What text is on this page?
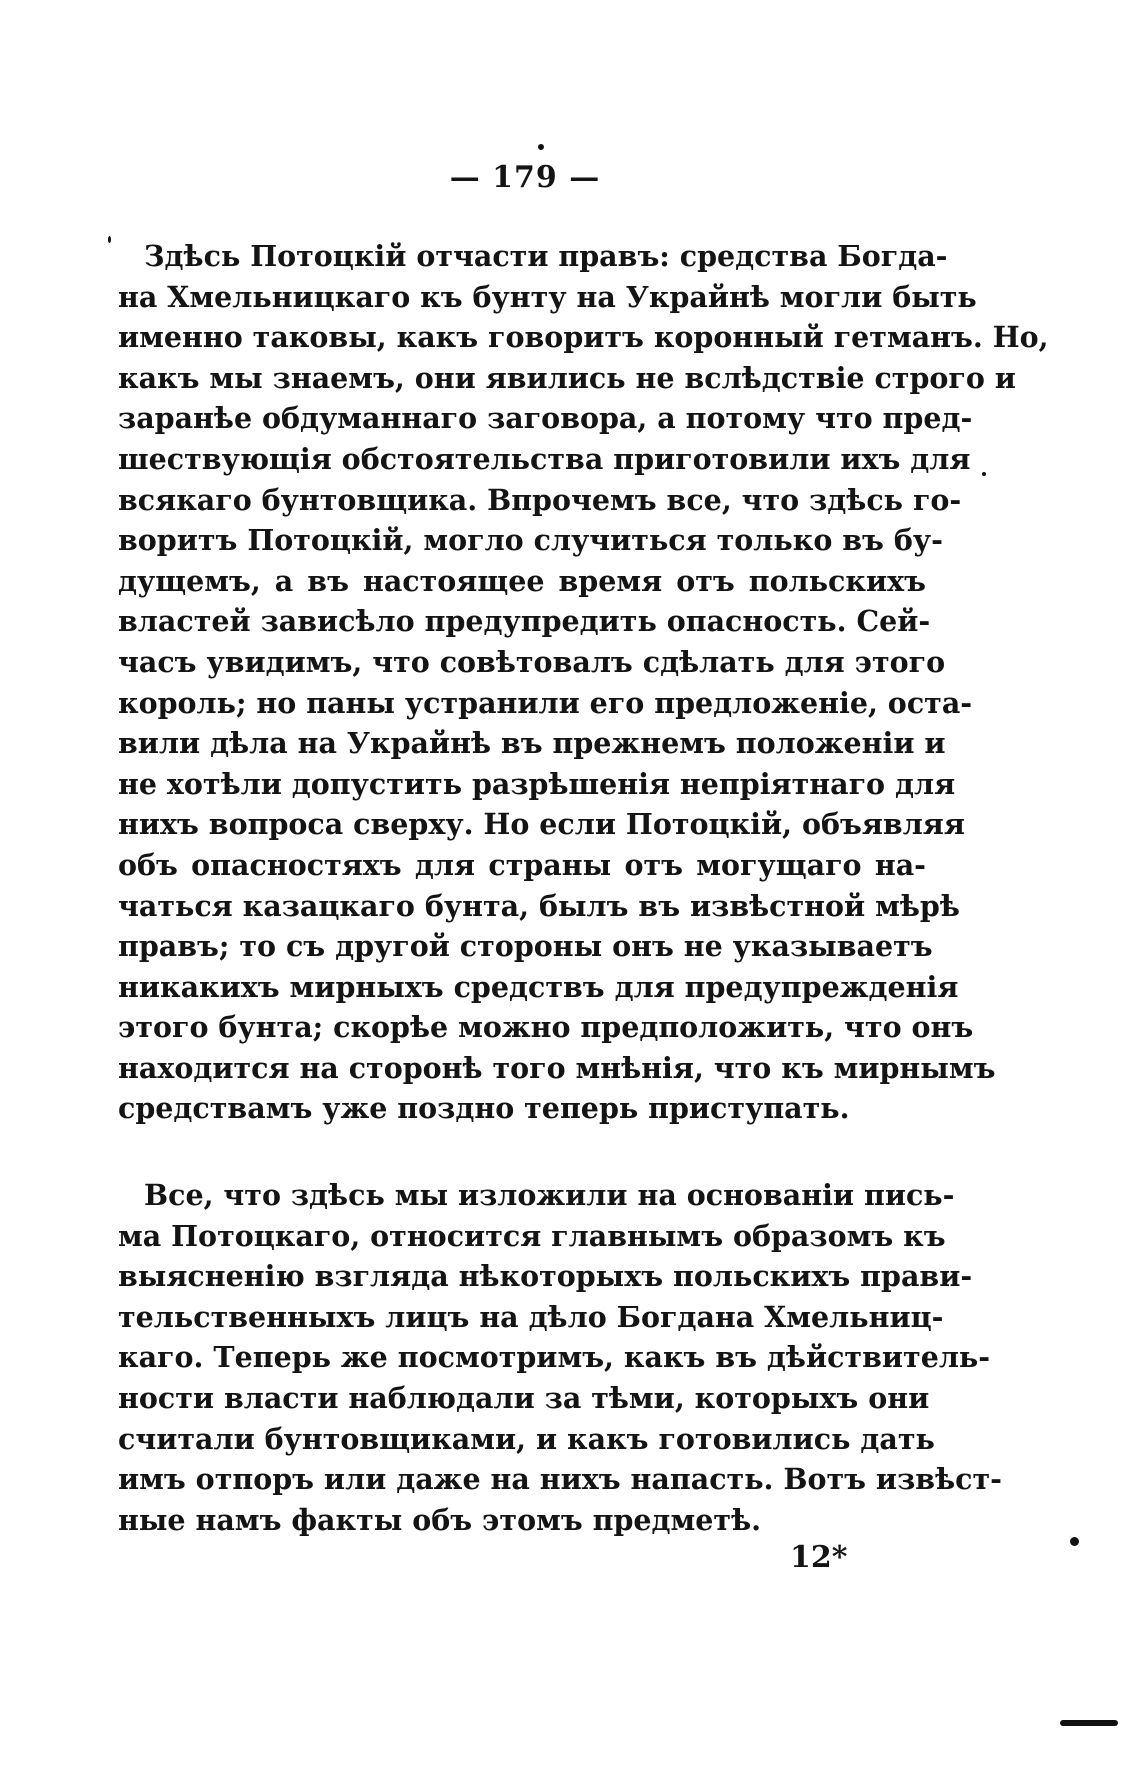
— 179 —
Здѣсь Потоцкій отчасти правъ: средства Богда-
на Хмельницкаго къ бунту на Украйнѣ могли быть
именно таковы, какъ говоритъ коронный гетманъ. Но,
какъ мы знаемъ, они явились не вслѣдствіе строго и
заранѣе обдуманнаго заговора, а потому что пред-
шествующія обстоятельства приготовили ихъ для
всякаго бунтовщика. Впрочемъ все, что здѣсь го-
воритъ Потоцкій, могло случиться только въ бу-
дущемъ, а въ настоящее время отъ польскихъ
властей зависѣло предупредить опасность. Сей-
часъ увидимъ, что совѣтовалъ сдѣлать для этого
король; но паны устранили его предложеніе, оста-
вили дѣла на Украйнѣ въ прежнемъ положеніи и
не хотѣли допустить разрѣшенія непріятнаго для
нихъ вопроса сверху. Но если Потоцкій, объявляя
объ опасностяхъ для страны отъ могущаго на-
чаться казацкаго бунта, былъ въ извѣстной мѣрѣ
правъ; то съ другой стороны онъ не указываетъ
никакихъ мирныхъ средствъ для предупрежденія
этого бунта; скорѣе можно предположить, что онъ
находится на сторонѣ того мнѣнія, что къ мирнымъ
средствамъ уже поздно теперь приступать.
Все, что здѣсь мы изложили на основаніи пись-
ма Потоцкаго, относится главнымъ образомъ къ
выясненію взгляда нѣкоторыхъ польскихъ прави-
тельственныхъ лицъ на дѣло Богдана Хмельниц-
каго. Теперь же посмотримъ, какъ въ дѣйствитель-
ности власти наблюдали за тѣми, которыхъ они
считали бунтовщиками, и какъ готовились дать
имъ отпоръ или даже на нихъ напасть. Вотъ извѣст-
ные намъ факты объ этомъ предметѣ.
12*
